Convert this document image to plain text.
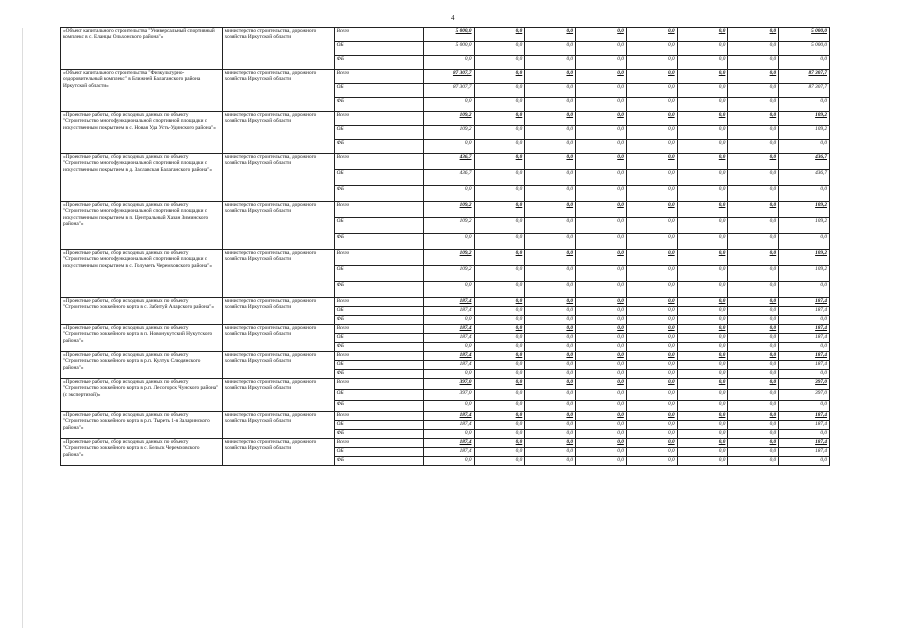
4
«Объект капитального строительства "Универсальный спортивный комплекс в с. Еланцы Ольхонского района"»	министерство строительства, дорожного хозяйства Иркутской области	Всего	5 000,0	0,0	0,0	0,0	0,0	0,0	0,0	5 000,0
		ОБ	5 000,0	0,0	0,0	0,0	0,0	0,0	0,0	5 000,0
		ФБ	0,0	0,0	0,0	0,0	0,0	0,0	0,0	0,0
«Объект капитального строительства "Физкультурно-оздоровительный комплекс" в Ближней Балаганского района Иркутской области»	министерство строительства, дорожного хозяйства Иркутской области	Всего	87 307,7	0,0	0,0	0,0	0,0	0,0	0,0	87 307,7
		ОБ	87 307,7	0,0	0,0	0,0	0,0	0,0	0,0	87 307,7
		ФБ	0,0	0,0	0,0	0,0	0,0	0,0	0,0	0,0
«Проектные работы, сбор исходных данных по объекту "Строительство многофункциональной спортивной площадки с искусственным покрытием в с. Новая Уда Усть-Удинского района"»	министерство строительства, дорожного хозяйства Иркутской области	Всего	109,2	0,0	0,0	0,0	0,0	0,0	0,0	109,2
		ОБ	109,2	0,0	0,0	0,0	0,0	0,0	0,0	109,2
		ФБ	0,0	0,0	0,0	0,0	0,0	0,0	0,0	0,0
«Проектные работы, сбор исходных данных по объекту "Строительство многофункциональной спортивной площадки с искусственным покрытием в д. Заславская Балаганского района"»	министерство строительства, дорожного хозяйства Иркутской области	Всего	436,7	0,0	0,0	0,0	0,0	0,0	0,0	436,7
		ОБ	436,7	0,0	0,0	0,0	0,0	0,0	0,0	436,7
		ФБ	0,0	0,0	0,0	0,0	0,0	0,0	0,0	0,0
«Проектные работы, сбор исходных данных по объекту "Строительство многофункциональной спортивной площадки с искусственным покрытием в п. Центральный Хазан Зиминского района"»	министерство строительства, дорожного хозяйства Иркутской области	Всего	109,2	0,0	0,0	0,0	0,0	0,0	0,0	109,2
		ОБ	109,2	0,0	0,0	0,0	0,0	0,0	0,0	109,2
		ФБ	0,0	0,0	0,0	0,0	0,0	0,0	0,0	0,0
«Проектные работы, сбор исходных данных по объекту "Строительство многофункциональной спортивной площадки с искусственным покрытием в с. Голуметь Черемховского района"»	министерство строительства, дорожного хозяйства Иркутской области	Всего	109,2	0,0	0,0	0,0	0,0	0,0	0,0	109,2
		ОБ	109,2	0,0	0,0	0,0	0,0	0,0	0,0	109,2
		ФБ	0,0	0,0	0,0	0,0	0,0	0,0	0,0	0,0
«Проектные работы, сбор исходных данных по объекту "Строительство хоккейного корта в с. Забитуй Аларского района"»	министерство строительства, дорожного хозяйства Иркутской области	Всего	187,4	0,0	0,0	0,0	0,0	0,0	0,0	187,4
		ОБ	187,4	0,0	0,0	0,0	0,0	0,0	0,0	187,4
		ФБ	0,0	0,0	0,0	0,0	0,0	0,0	0,0	0,0
«Проектные работы, сбор исходных данных по объекту "Строительство хоккейного корта в п. Новонукутский Нукутского района"»	министерство строительства, дорожного хозяйства Иркутской области	Всего	187,4	0,0	0,0	0,0	0,0	0,0	0,0	187,4
		ОБ	187,4	0,0	0,0	0,0	0,0	0,0	0,0	187,4
		ФБ	0,0	0,0	0,0	0,0	0,0	0,0	0,0	0,0
«Проектные работы, сбор исходных данных по объекту "Строительство хоккейного корта в р.п. Култук Слюдянского района"»	министерство строительства, дорожного хозяйства Иркутской области	Всего	187,4	0,0	0,0	0,0	0,0	0,0	0,0	187,4
		ОБ	187,4	0,0	0,0	0,0	0,0	0,0	0,0	187,4
		ФБ	0,0	0,0	0,0	0,0	0,0	0,0	0,0	0,0
«Проектные работы, сбор исходных данных по объекту "Строительство хоккейного корта в р.п. Лесогорск Чунского района" (с экспертизой)»	министерство строительства, дорожного хозяйства Иркутской области	Всего	397,0	0,0	0,0	0,0	0,0	0,0	0,0	397,0
		ОБ	397,0	0,0	0,0	0,0	0,0	0,0	0,0	397,0
		ФБ	0,0	0,0	0,0	0,0	0,0	0,0	0,0	0,0
«Проектные работы, сбор исходных данных по объекту "Строительство хоккейного корта в р.п. Тыреть 1-я Заларинского района"»	министерство строительства, дорожного хозяйства Иркутской области	Всего	187,4	0,0	0,0	0,0	0,0	0,0	0,0	187,4
		ОБ	187,4	0,0	0,0	0,0	0,0	0,0	0,0	187,4
		ФБ	0,0	0,0	0,0	0,0	0,0	0,0	0,0	0,0
«Проектные работы, сбор исходных данных по объекту "Строительство хоккейного корта в с. Бельск Черемховского района"»	министерство строительства, дорожного хозяйства Иркутской области	Всего	187,4	0,0	0,0	0,0	0,0	0,0	0,0	187,4
		ОБ	187,4	0,0	0,0	0,0	0,0	0,0	0,0	187,4
		ФБ	0,0	0,0	0,0	0,0	0,0	0,0	0,0	0,0
